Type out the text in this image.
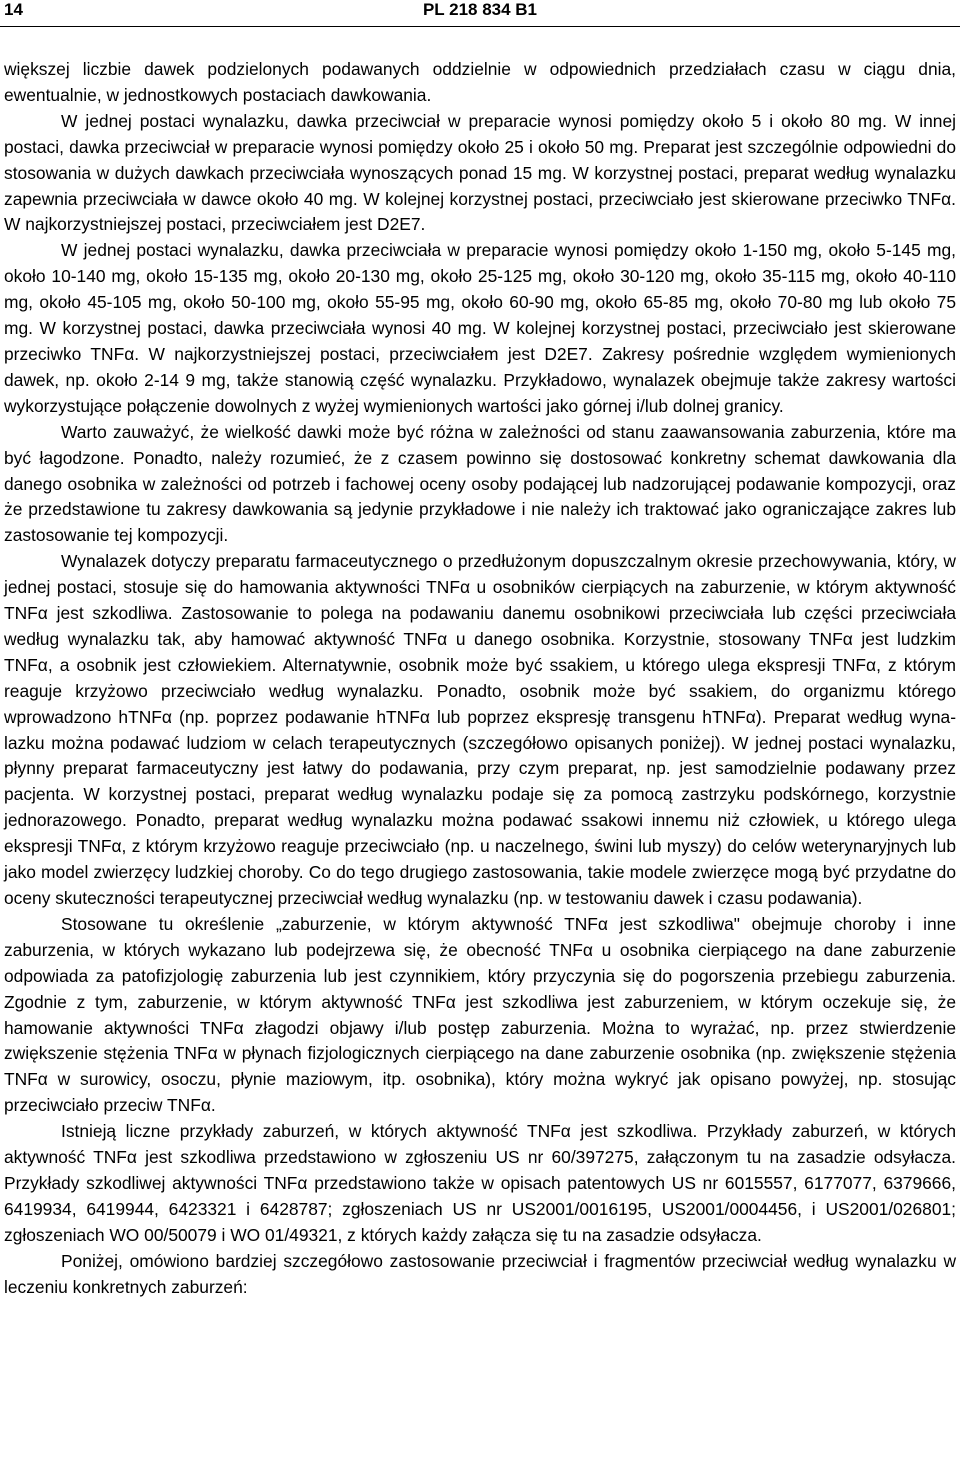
14	PL 218 834 B1

większej liczbie dawek podzielonych podawanych oddzielnie w odpowiednich przedziałach czasu w ciągu dnia, ewentualnie, w jednostkowych postaciach dawkowania.

W jednej postaci wynalazku, dawka przeciwciał w preparacie wynosi pomiędzy około 5 i około 80 mg. W innej postaci, dawka przeciwciał w preparacie wynosi pomiędzy około 25 i około 50 mg. Preparat jest szczególnie odpowiedni do stosowania w dużych dawkach przeciwciała wynoszących ponad 15 mg. W korzystnej postaci, preparat według wynalazku zapewnia przeciwciała w dawce około 40 mg. W kolejnej korzystnej postaci, przeciwciało jest skierowane przeciwko TNFα. W najkorzystniejszej postaci, przeciwciałem jest D2E7.

W jednej postaci wynalazku, dawka przeciwciała w preparacie wynosi pomiędzy około 1-150 mg, około 5-145 mg, około 10-140 mg, około 15-135 mg, około 20-130 mg, około 25-125 mg, około 30-120 mg, około 35-115 mg, około 40-110 mg, około 45-105 mg, około 50-100 mg, około 55-95 mg, około 60-90 mg, około 65-85 mg, około 70-80 mg lub około 75 mg. W korzystnej postaci, dawka przeciwciała wynosi 40 mg. W kolejnej korzystnej postaci, przeciwciało jest skierowane przeciwko TNFα. W najkorzystniejszej postaci, przeciwciałem jest D2E7. Zakresy pośrednie względem wymienionych dawek, np. około 2-14 9 mg, także stanowią część wynalazku. Przykładowo, wynalazek obejmuje także zakresy wartości wykorzystujące połączenie dowolnych z wyżej wymienionych wartości jako górnej i/lub dolnej granicy.

Warto zauważyć, że wielkość dawki może być różna w zależności od stanu zaawansowania zaburzenia, które ma być łagodzone. Ponadto, należy rozumieć, że z czasem powinno się dostosować konkretny schemat dawkowania dla danego osobnika w zależności od potrzeb i fachowej oceny osoby podającej lub nadzorującej podawanie kompozycji, oraz że przedstawione tu zakresy dawkowania są jedynie przykładowe i nie należy ich traktować jako ograniczające zakres lub zastosowanie tej kompozycji.

Wynalazek dotyczy preparatu farmaceutycznego o przedłużonym dopuszczalnym okresie przechowywania, który, w jednej postaci, stosuje się do hamowania aktywności TNFα u osobników cierpiących na zaburzenie, w którym aktywność TNFα jest szkodliwa. Zastosowanie to polega na podawaniu danemu osobnikowi przeciwciała lub części przeciwciała według wynalazku tak, aby hamować aktywność TNFα u danego osobnika. Korzystnie, stosowany TNFα jest ludzkim TNFα, a osobnik jest człowiekiem. Alternatywnie, osobnik może być ssakiem, u którego ulega ekspresji TNFα, z którym reaguje krzyżowo przeciwciało według wynalazku. Ponadto, osobnik może być ssakiem, do organizmu którego wprowadzono hTNFα (np. poprzez podawanie hTNFα lub poprzez ekspresję transgenu hTNFα). Preparat według wynalazku można podawać ludziom w celach terapeutycznych (szczegółowo opisanych poniżej). W jednej postaci wynalazku, płynny preparat farmaceutyczny jest łatwy do podawania, przy czym preparat, np. jest samodzielnie podawany przez pacjenta. W korzystnej postaci, preparat według wynalazku podaje się za pomocą zastrzyku podskórnego, korzystnie jednorazowego. Ponadto, preparat według wynalazku można podawać ssakowi innemu niż człowiek, u którego ulega ekspresji TNFα, z którym krzyżowo reaguje przeciwciało (np. u naczelnego, świni lub myszy) do celów weterynaryjnych lub jako model zwierzęcy ludzkiej choroby. Co do tego drugiego zastosowania, takie modele zwierzęce mogą być przydatne do oceny skuteczności terapeutycznej przeciwciał według wynalazku (np. w testowaniu dawek i czasu podawania).

Stosowane tu określenie „zaburzenie, w którym aktywność TNFα jest szkodliwa" obejmuje choroby i inne zaburzenia, w których wykazano lub podejrzewa się, że obecność TNFα u osobnika cierpiącego na dane zaburzenie odpowiada za patofizjologię zaburzenia lub jest czynnikiem, który przyczynia się do pogorszenia przebiegu zaburzenia. Zgodnie z tym, zaburzenie, w którym aktywność TNFα jest szkodliwa jest zaburzeniem, w którym oczekuje się, że hamowanie aktywności TNFα złagodzi objawy i/lub postęp zaburzenia. Można to wyrażać, np. przez stwierdzenie zwiększenie stężenia TNFα w płynach fizjologicznych cierpiącego na dane zaburzenie osobnika (np. zwiększenie stężenia TNFα w surowicy, osoczu, płynie maziowym, itp. osobnika), który można wykryć jak opisano powyżej, np. stosując przeciwciało przeciw TNFα.

Istnieją liczne przykłady zaburzeń, w których aktywność TNFα jest szkodliwa. Przykłady zaburzeń, w których aktywność TNFα jest szkodliwa przedstawiono w zgłoszeniu US nr 60/397275, załączonym tu na zasadzie odsyłacza. Przykłady szkodliwej aktywności TNFα przedstawiono także w opisach patentowych US nr 6015557, 6177077, 6379666, 6419934, 6419944, 6423321 i 6428787; zgłoszeniach US nr US2001/0016195, US2001/0004456, i US2001/026801; zgłoszeniach WO 00/50079 i WO 01/49321, z których każdy załącza się tu na zasadzie odsyłacza.

Poniżej, omówiono bardziej szczegółowo zastosowanie przeciwciał i fragmentów przeciwciał według wynalazku w leczeniu konkretnych zaburzeń:
